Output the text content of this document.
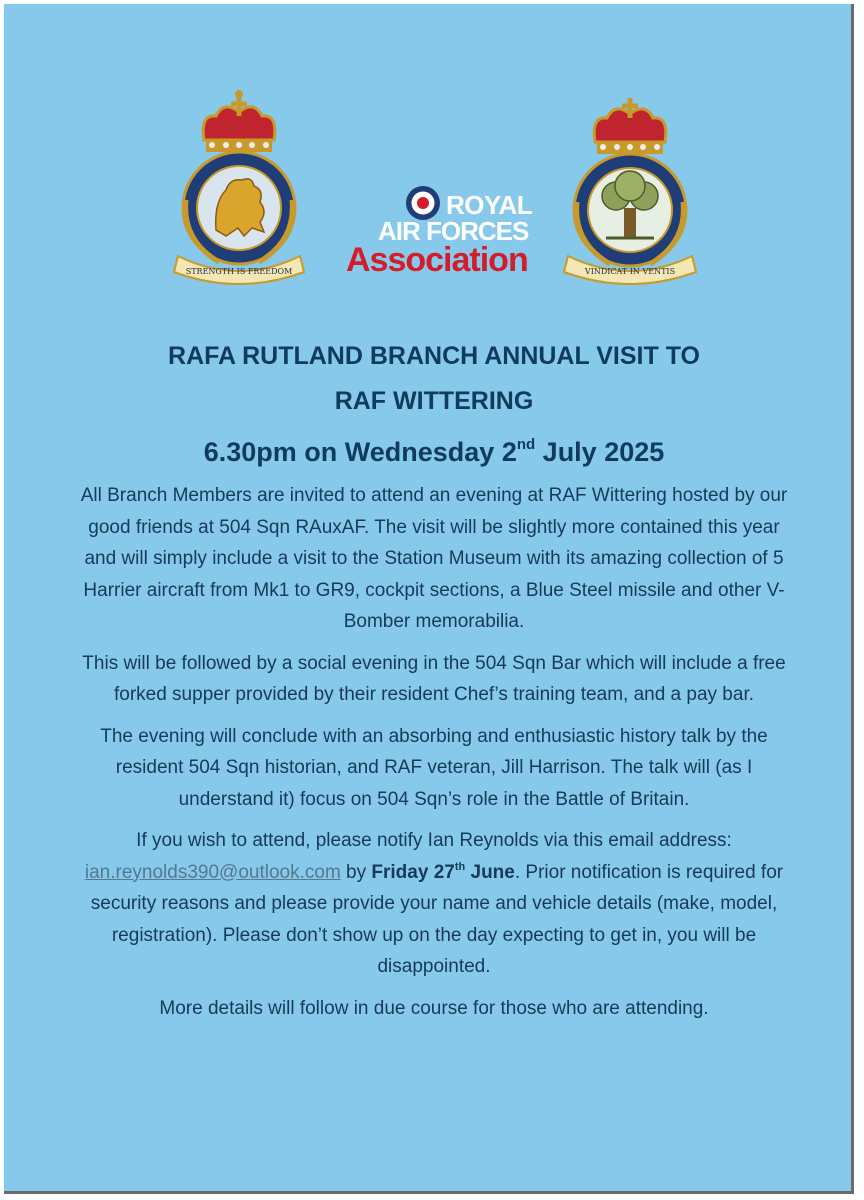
STRENGTH IS FREEDOM
ROYAL
AIR FORCES
Association	VINDICAT IN VENTIS
RAFA RUTLAND BRANCH ANNUAL VISIT TO
RAF WITTERING
6.30pm on Wednesday 2nd July 2025

All Branch Members are invited to attend an evening at RAF Wittering hosted by our good friends at 504 Sqn RAuxAF. The visit will be slightly more contained this year and will simply include a visit to the Station Museum with its amazing collection of 5 Harrier aircraft from Mk1 to GR9, cockpit sections, a Blue Steel missile and other V-Bomber memorabilia.

This will be followed by a social evening in the 504 Sqn Bar which will include a free forked supper provided by their resident Chef’s training team, and a pay bar.

The evening will conclude with an absorbing and enthusiastic history talk by the resident 504 Sqn historian, and RAF veteran, Jill Harrison. The talk will (as I understand it) focus on 504 Sqn’s role in the Battle of Britain.

If you wish to attend, please notify Ian Reynolds via this email address: ian.reynolds390@outlook.com by Friday 27th June. Prior notification is required for security reasons and please provide your name and vehicle details (make, model, registration). Please don’t show up on the day expecting to get in, you will be disappointed.

More details will follow in due course for those who are attending.
